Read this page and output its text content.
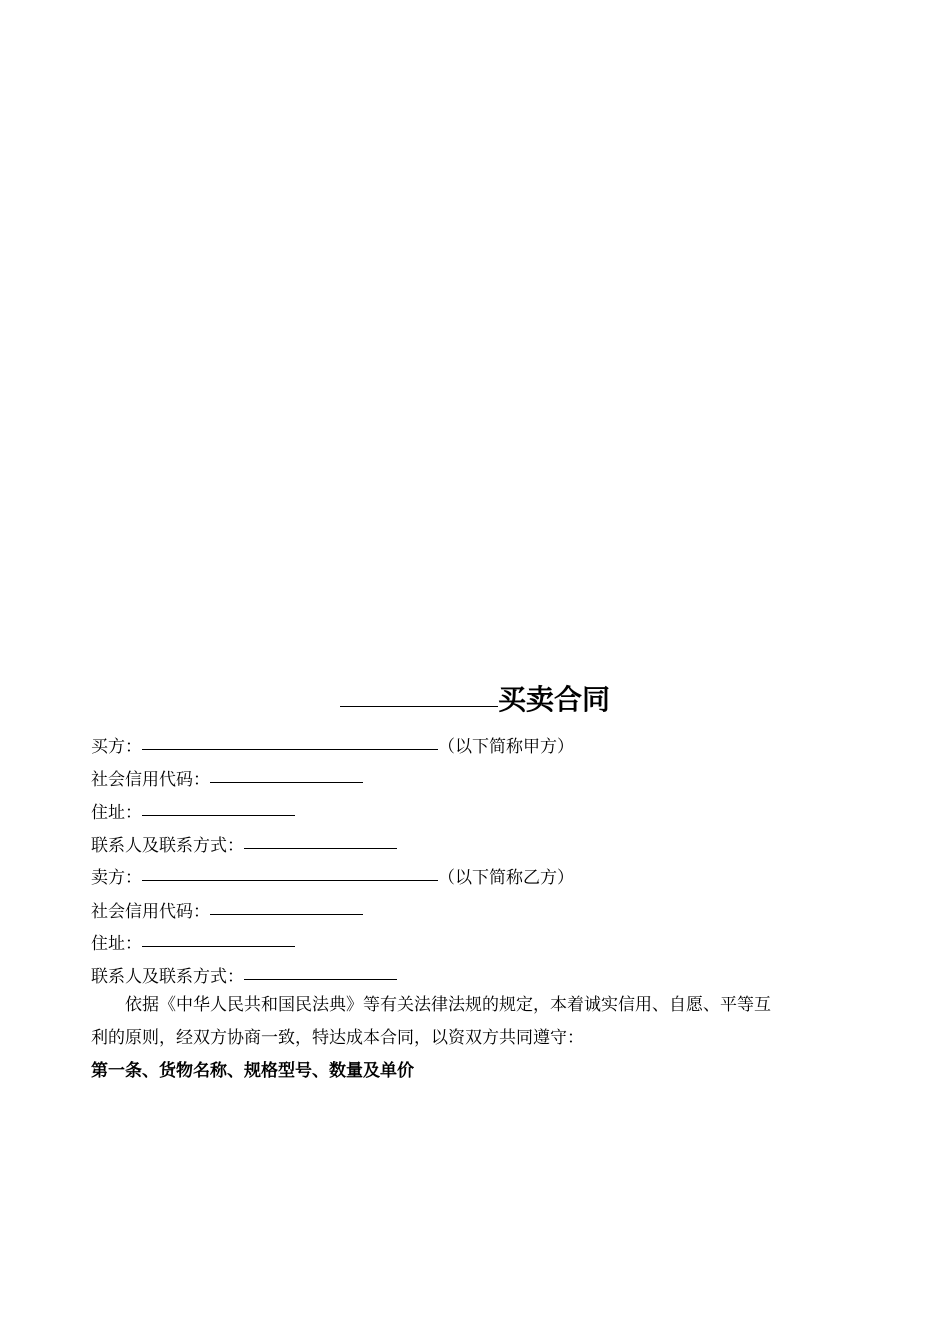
买卖合同
买方：	（以下简称甲方）
社会信用代码：
住址：
联系人及联系方式：
卖方：	（以下简称乙方）
社会信用代码：
住址：
联系人及联系方式：
依据《中华人民共和国民法典》等有关法律法规的规定，本着诚实信用、自愿、平等互
利的原则，经双方协商一致，特达成本合同，以资双方共同遵守：
第一条、货物名称、规格型号、数量及单价
